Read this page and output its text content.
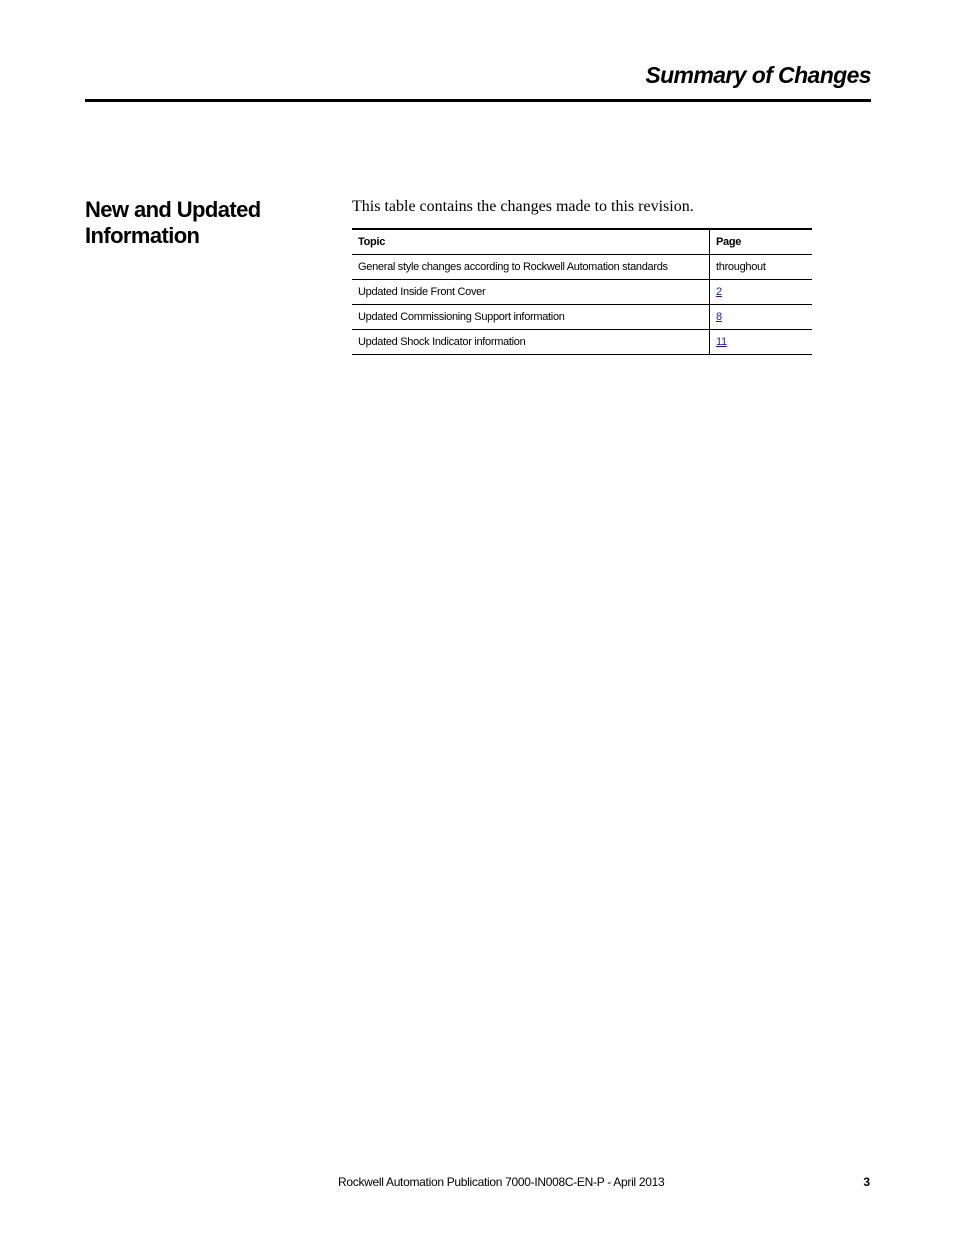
Summary of Changes
New and Updated
Information

This table contains the changes made to this revision.

Topic	Page
General style changes according to Rockwell Automation standards	throughout
Updated Inside Front Cover	2
Updated Commissioning Support information	8
Updated Shock Indicator information	11
Rockwell Automation Publication 7000-IN008C-EN-P - April 2013	3
